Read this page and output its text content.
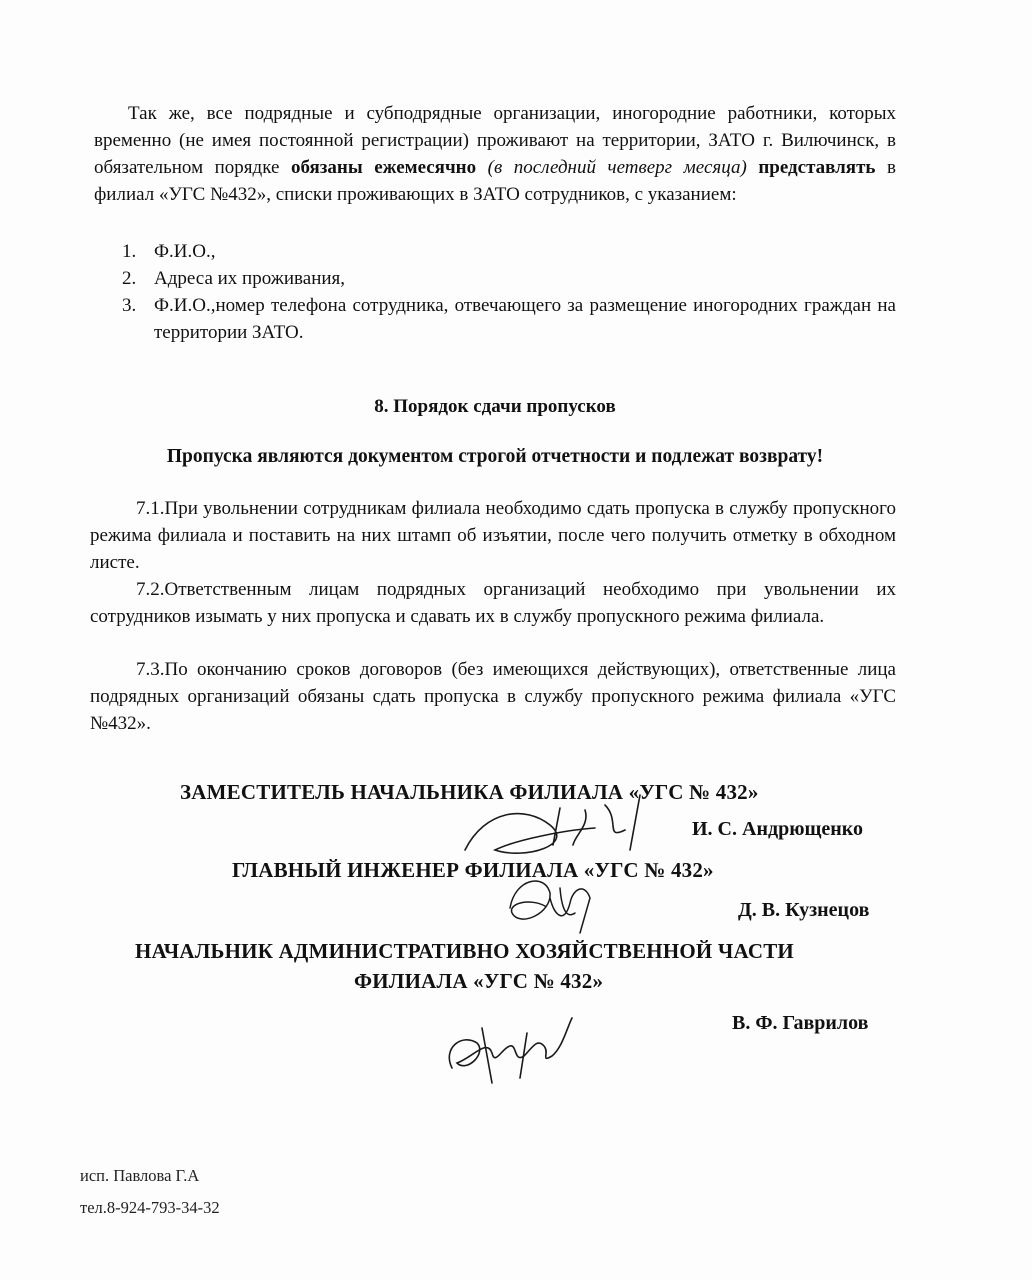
Так же, все подрядные и субподрядные организации, иногородние работники, которых временно (не имея постоянной регистрации) проживают на территории, ЗАТО г. Вилючинск, в обязательном порядке обязаны ежемесячно (в последний четверг месяца) представлять в филиал «УГС №432», списки проживающих в ЗАТО сотрудников, с указанием:
1. Ф.И.О.,
2. Адреса их проживания,
3. Ф.И.О.,номер телефона сотрудника, отвечающего за размещение иногородних граждан на территории ЗАТО.
8. Порядок сдачи пропусков
Пропуска являются документом строгой отчетности и подлежат возврату!
7.1.При увольнении сотрудникам филиала необходимо сдать пропуска в службу пропускного режима филиала и поставить на них штамп об изъятии, после чего получить отметку в обходном листе.
7.2.Ответственным лицам подрядных организаций необходимо при увольнении их сотрудников изымать у них пропуска и сдавать их в службу пропускного режима филиала.
7.3.По окончанию сроков договоров (без имеющихся действующих), ответственные лица подрядных организаций обязаны сдать пропуска в службу пропускного режима филиала «УГС №432».
ЗАМЕСТИТЕЛЬ НАЧАЛЬНИКА ФИЛИАЛА «УГС № 432»
И. С. Андрющенко
ГЛАВНЫЙ ИНЖЕНЕР ФИЛИАЛА «УГС № 432»
Д. В. Кузнецов
НАЧАЛЬНИК АДМИНИСТРАТИВНО ХОЗЯЙСТВЕННОЙ ЧАСТИ
ФИЛИАЛА «УГС № 432»
В. Ф. Гаврилов
исп. Павлова Г.А
тел.8-924-793-34-32
